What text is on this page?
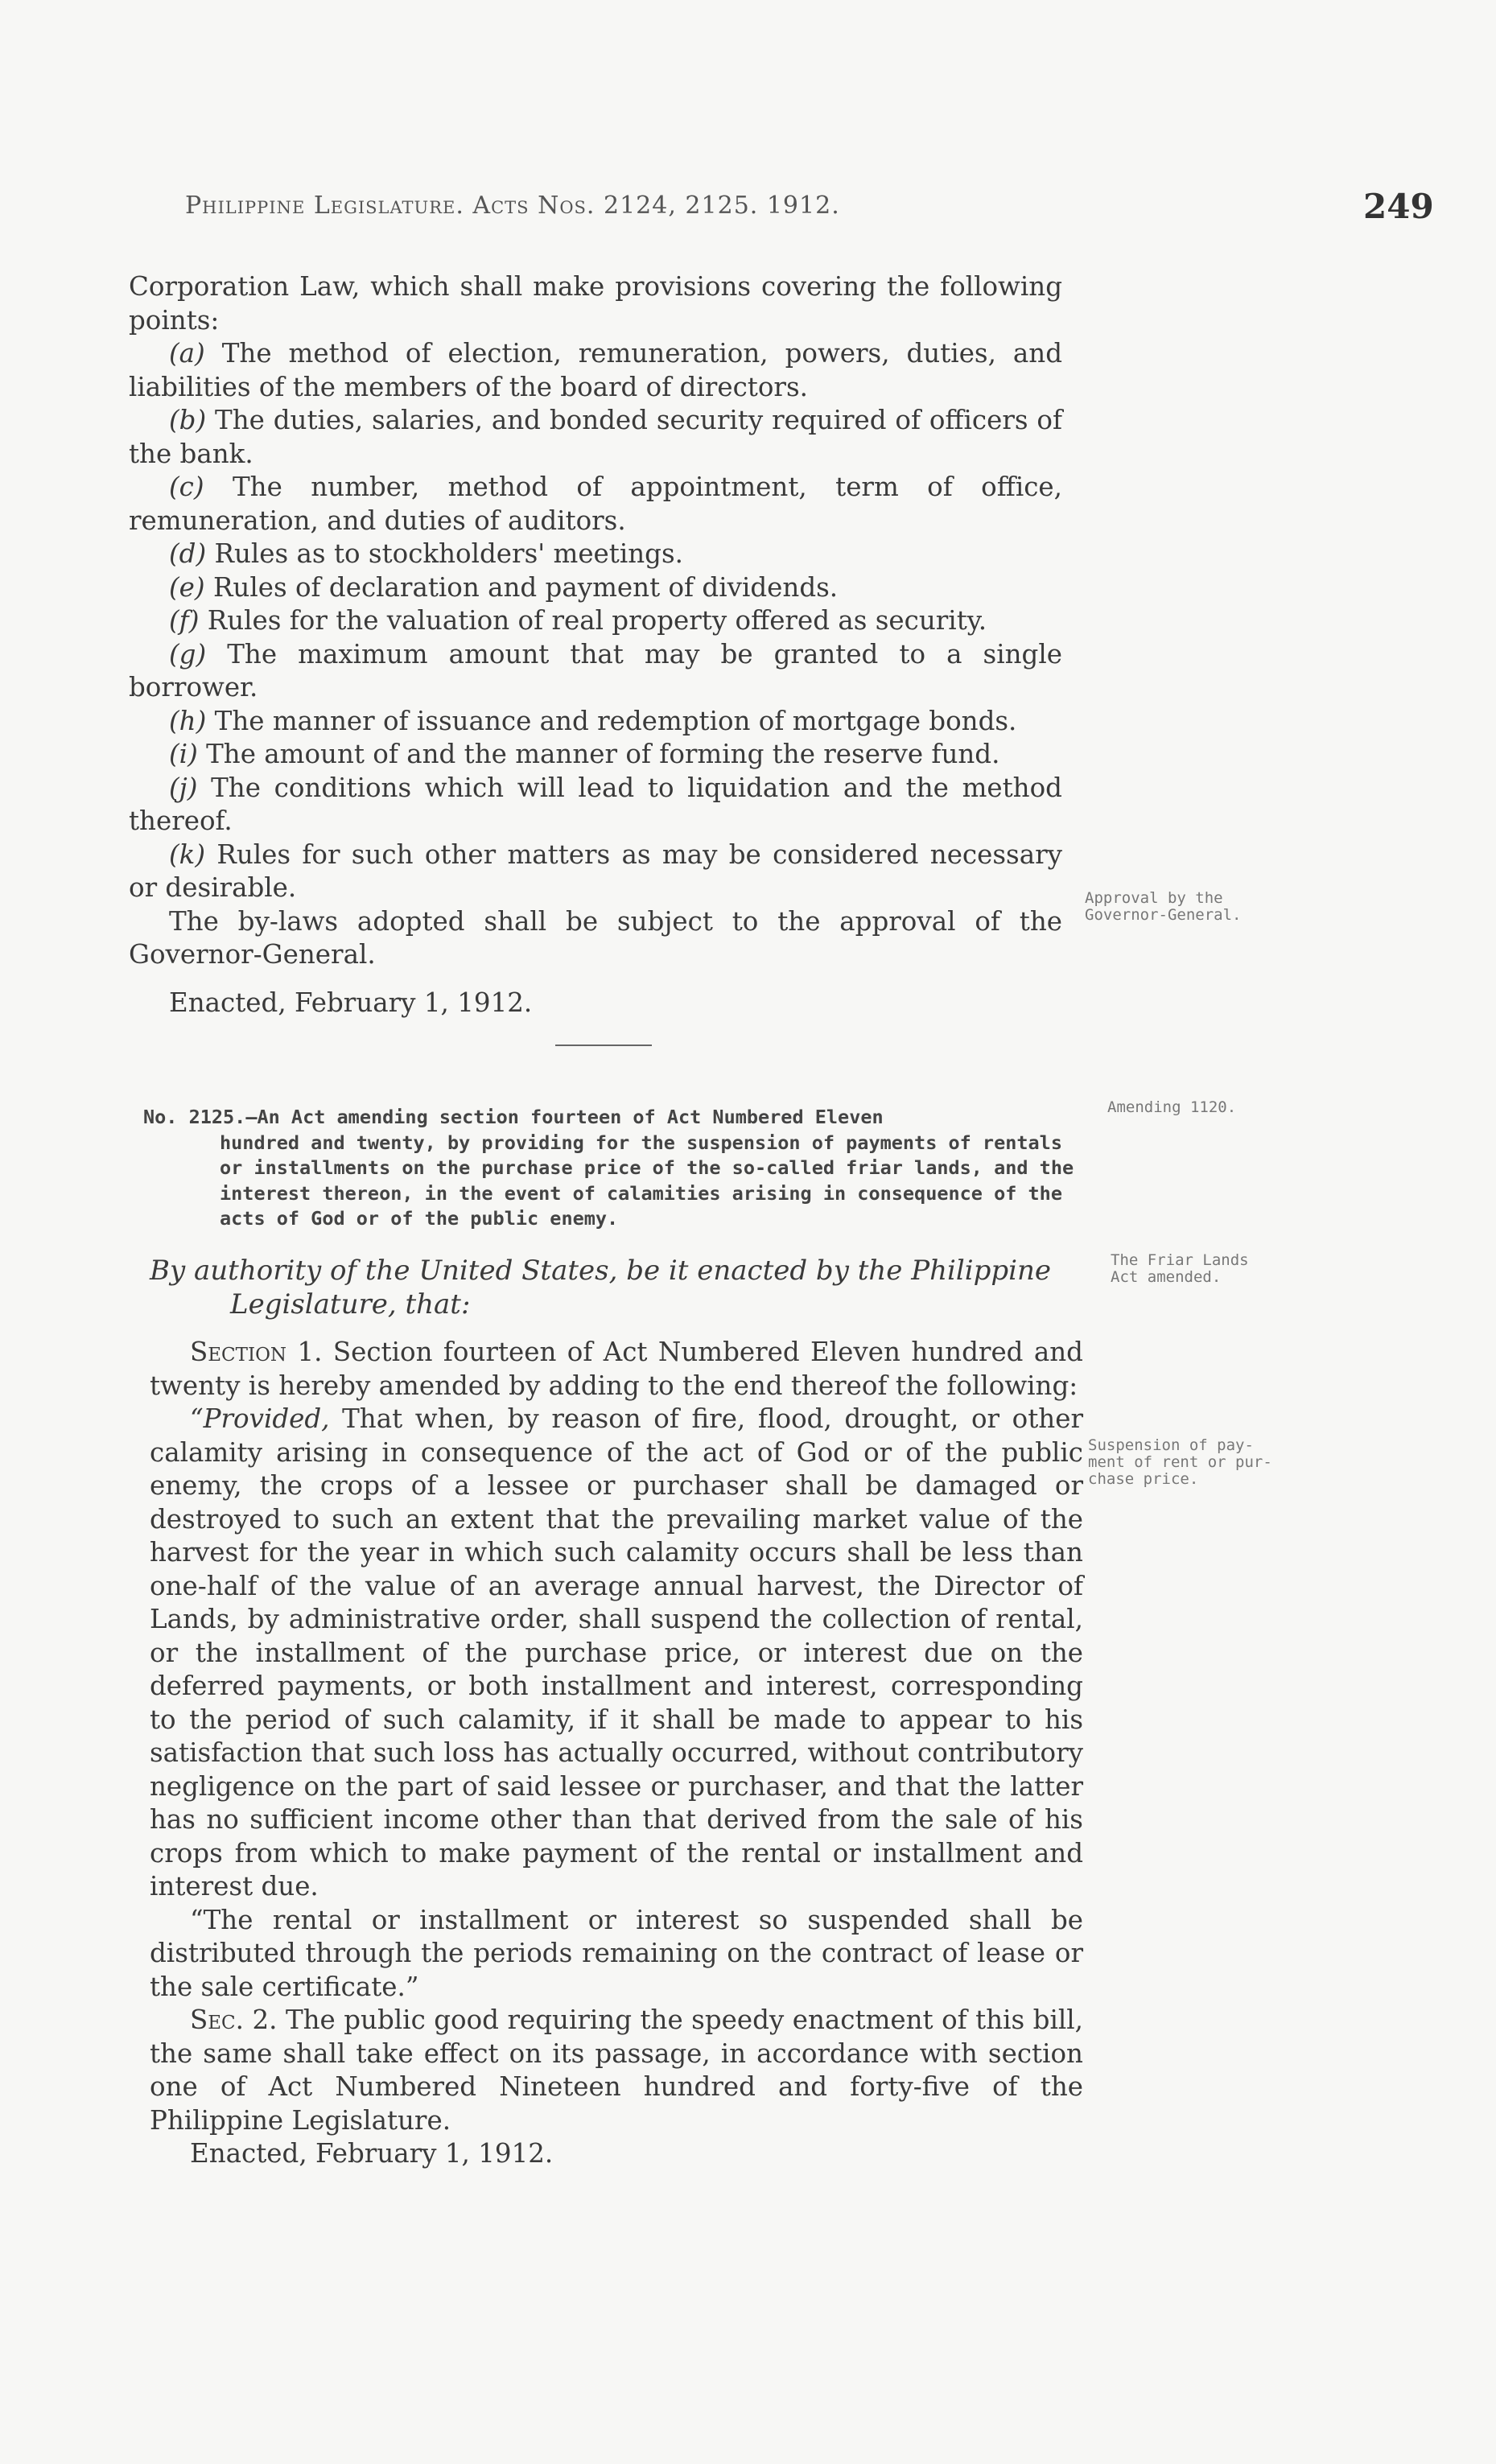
Philippine Legislature. Acts Nos. 2124, 2125. 1912.	249

Corporation Law, which shall make provisions covering the following points:

(a) The method of election, remuneration, powers, duties, and liabilities of the members of the board of directors.

(b) The duties, salaries, and bonded security required of officers of the bank.

(c) The number, method of appointment, term of office, remuneration, and duties of auditors.

(d) Rules as to stockholders' meetings.

(e) Rules of declaration and payment of dividends.

(f) Rules for the valuation of real property offered as security.

(g) The maximum amount that may be granted to a single borrower.

(h) The manner of issuance and redemption of mortgage bonds.

(i) The amount of and the manner of forming the reserve fund.

(j) The conditions which will lead to liquidation and the method thereof.

(k) Rules for such other matters as may be considered necessary or desirable.

The by-laws adopted shall be subject to the approval of the Governor-General.

Enacted, February 1, 1912.

No. 2125.—An Act amending section fourteen of Act Numbered Eleven

hundred and twenty, by providing for the suspension of payments of rentals or installments on the purchase price of the so-called friar lands, and the interest thereon, in the event of calamities arising in consequence of the acts of God or of the public enemy.

By authority of the United States, be it enacted by the Philippine
Legislature, that:

Section 1. Section fourteen of Act Numbered Eleven hundred and twenty is hereby amended by adding to the end thereof the following:

“Provided, That when, by reason of fire, flood, drought, or other calamity arising in consequence of the act of God or of the public enemy, the crops of a lessee or purchaser shall be damaged or destroyed to such an extent that the prevailing market value of the harvest for the year in which such calamity occurs shall be less than one-half of the value of an average annual harvest, the Director of Lands, by administrative order, shall suspend the collection of rental, or the installment of the purchase price, or interest due on the deferred payments, or both installment and interest, corresponding to the period of such calamity, if it shall be made to appear to his satisfaction that such loss has actually occurred, without contributory negligence on the part of said lessee or purchaser, and that the latter has no sufficient income other than that derived from the sale of his crops from which to make payment of the rental or installment and interest due.

“The rental or installment or interest so suspended shall be distributed through the periods remaining on the contract of lease or the sale certificate.”

Sec. 2. The public good requiring the speedy enactment of this bill, the same shall take effect on its passage, in accordance with section one of Act Numbered Nineteen hundred and forty-five of the Philippine Legislature.

Enacted, February 1, 1912.

Approval by the
Governor-General.
Amending 1120.
The Friar Lands
Act amended.
Suspension of pay-
ment of rent or pur-
chase price.
